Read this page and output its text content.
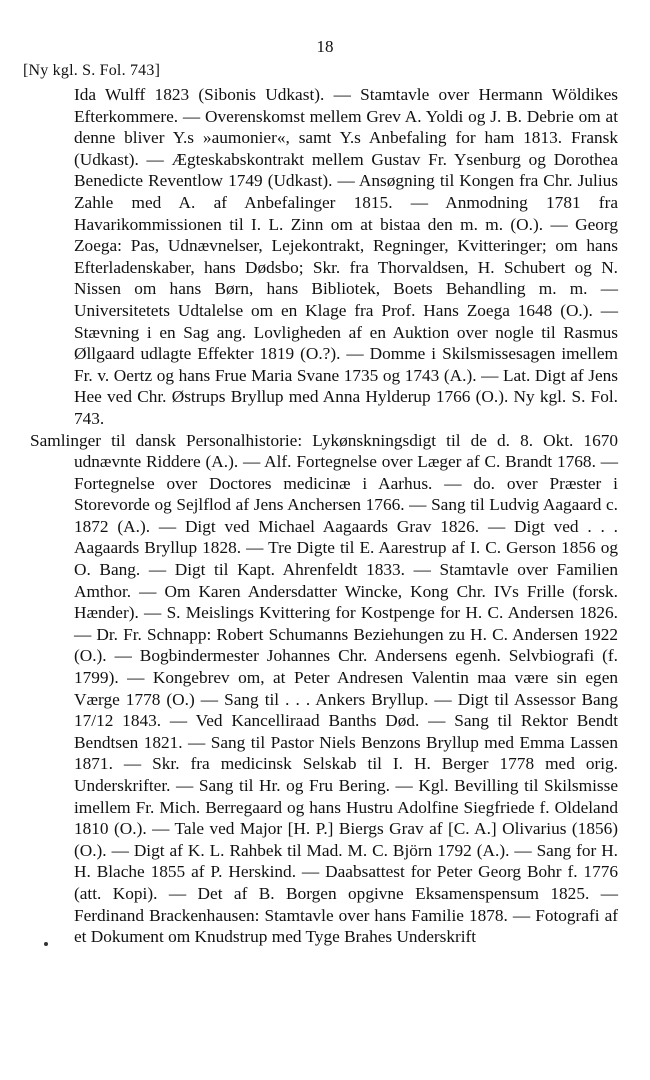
18
[Ny kgl. S. Fol. 743]

Ida Wulff 1823 (Sibonis Udkast). — Stamtavle over Hermann Wöldikes Efterkommere. — Overenskomst mellem Grev A. Yoldi og J. B. Debrie om at denne bliver Y.s »aumonier«, samt Y.s Anbefaling for ham 1813. Fransk (Udkast). — Ægteskabskontrakt mellem Gustav Fr. Ysenburg og Dorothea Benedicte Reventlow 1749 (Udkast). — Ansøgning til Kongen fra Chr. Julius Zahle med A. af Anbefalinger 1815. — Anmodning 1781 fra Havarikommissionen til I. L. Zinn om at bistaa den m. m. (O.). — Georg Zoega: Pas, Udnævnelser, Lejekontrakt, Regninger, Kvitteringer; om hans Efterladenskaber, hans Dødsbo; Skr. fra Thorvaldsen, H. Schubert og N. Nissen om hans Børn, hans Bibliotek, Boets Behandling m. m. — Universitetets Udtalelse om en Klage fra Prof. Hans Zoega 1648 (O.). — Stævning i en Sag ang. Lovligheden af en Auktion over nogle til Rasmus Øllgaard udlagte Effekter 1819 (O.?). — Domme i Skilsmissesagen imellem Fr. v. Oertz og hans Frue Maria Svane 1735 og 1743 (A.). — Lat. Digt af Jens Hee ved Chr. Østrups Bryllup med Anna Hylderup 1766 (O.). Ny kgl. S. Fol. 743.

Samlinger til dansk Personalhistorie: Lykønskningsdigt til de d. 8. Okt. 1670 udnævnte Riddere (A.). — Alf. Fortegnelse over Læger af C. Brandt 1768. — Fortegnelse over Doctores medicinæ i Aarhus. — do. over Præster i Storevorde og Sejlflod af Jens Anchersen 1766. — Sang til Ludvig Aagaard c. 1872 (A.). — Digt ved Michael Aagaards Grav 1826. — Digt ved . . . Aagaards Bryllup 1828. — Tre Digte til E. Aarestrup af I. C. Gerson 1856 og O. Bang. — Digt til Kapt. Ahrenfeldt 1833. — Stamtavle over Familien Amthor. — Om Karen Andersdatter Wincke, Kong Chr. IVs Frille (forsk. Hænder). — S. Meislings Kvittering for Kostpenge for H. C. Andersen 1826. — Dr. Fr. Schnapp: Robert Schumanns Beziehungen zu H. C. Andersen 1922 (O.). — Bogbindermester Johannes Chr. Andersens egenh. Selvbiografi (f. 1799). — Kongebrev om, at Peter Andresen Valentin maa være sin egen Værge 1778 (O.) — Sang til . . . Ankers Bryllup. — Digt til Assessor Bang 17/12 1843. — Ved Kancelliraad Banths Død. — Sang til Rektor Bendt Bendtsen 1821. — Sang til Pastor Niels Benzons Bryllup med Emma Lassen 1871. — Skr. fra medicinsk Selskab til I. H. Berger 1778 med orig. Underskrifter. — Sang til Hr. og Fru Bering. — Kgl. Bevilling til Skilsmisse imellem Fr. Mich. Berregaard og hans Hustru Adolfine Siegfriede f. Oldeland 1810 (O.). — Tale ved Major [H. P.] Biergs Grav af [C. A.] Olivarius (1856) (O.). — Digt af K. L. Rahbek til Mad. M. C. Björn 1792 (A.). — Sang for H. H. Blache 1855 af P. Herskind. — Daabsattest for Peter Georg Bohr f. 1776 (att. Kopi). — Det af B. Borgen opgivne Eksamenspensum 1825. — Ferdinand Brackenhausen: Stamtavle over hans Familie 1878. — Fotografi af et Dokument om Knudstrup med Tyge Brahes Underskrift
